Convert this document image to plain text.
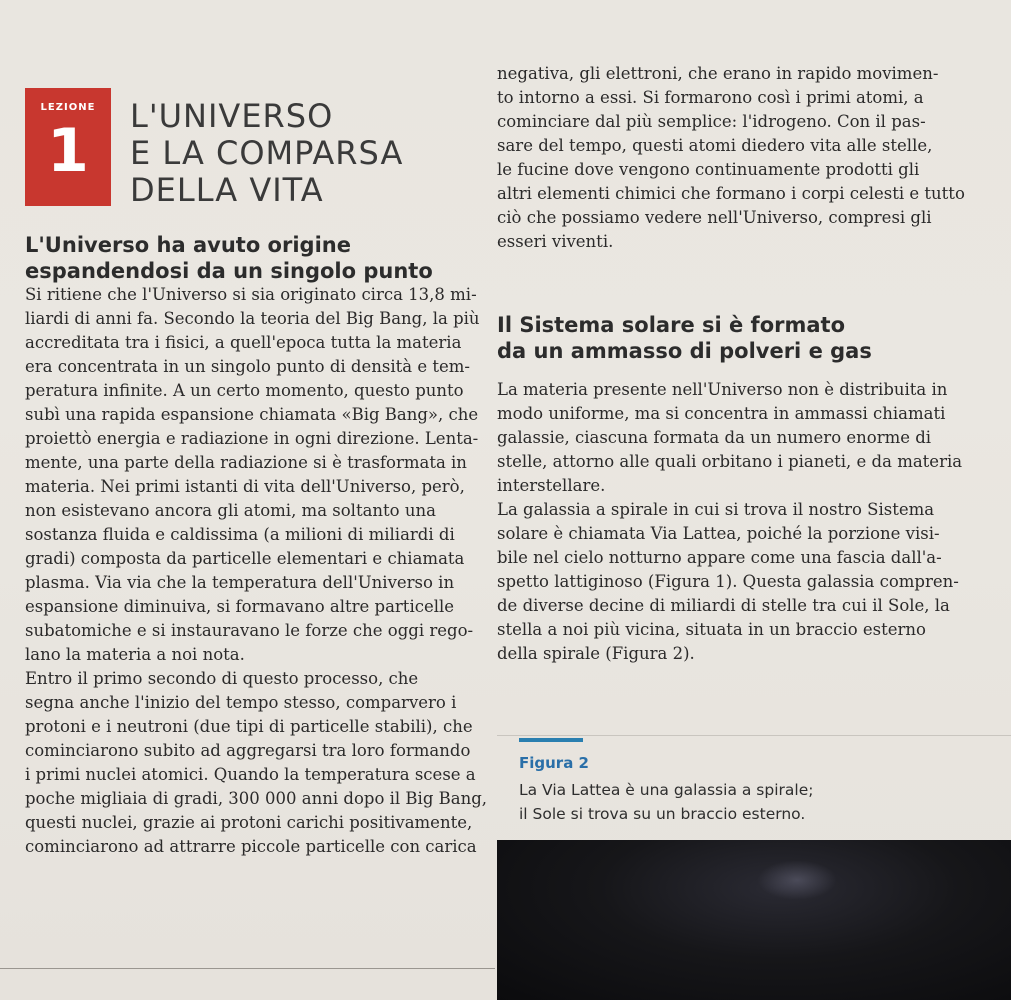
LEZIONE
1	L'UNIVERSO
E LA COMPARSA
DELLA VITA
L'Universo ha avuto origine
espandendosi da un singolo punto
Si ritiene che l'Universo si sia originato circa 13,8 mi-
liardi di anni fa. Secondo la teoria del Big Bang, la più
accreditata tra i fisici, a quell'epoca tutta la materia
era concentrata in un singolo punto di densità e tem-
peratura infinite. A un certo momento, questo punto
subì una rapida espansione chiamata «Big Bang», che
proiettò energia e radiazione in ogni direzione. Lenta-
mente, una parte della radiazione si è trasformata in
materia. Nei primi istanti di vita dell'Universo, però,
non esistevano ancora gli atomi, ma soltanto una
sostanza fluida e caldissima (a milioni di miliardi di
gradi) composta da particelle elementari e chiamata
plasma. Via via che la temperatura dell'Universo in
espansione diminuiva, si formavano altre particelle
subatomiche e si instauravano le forze che oggi rego-
lano la materia a noi nota.
Entro il primo secondo di questo processo, che
segna anche l'inizio del tempo stesso, comparvero i
protoni e i neutroni (due tipi di particelle stabili), che
cominciarono subito ad aggregarsi tra loro formando
i primi nuclei atomici. Quando la temperatura scese a
poche migliaia di gradi, 300 000 anni dopo il Big Bang,
questi nuclei, grazie ai protoni carichi positivamente,
cominciarono ad attrarre piccole particelle con carica
negativa, gli elettroni, che erano in rapido movimen-
to intorno a essi. Si formarono così i primi atomi, a
cominciare dal più semplice: l'idrogeno. Con il pas-
sare del tempo, questi atomi diedero vita alle stelle,
le fucine dove vengono continuamente prodotti gli
altri elementi chimici che formano i corpi celesti e tutto
ciò che possiamo vedere nell'Universo, compresi gli
esseri viventi.
Il Sistema solare si è formato
da un ammasso di polveri e gas
La materia presente nell'Universo non è distribuita in
modo uniforme, ma si concentra in ammassi chiamati
galassie, ciascuna formata da un numero enorme di
stelle, attorno alle quali orbitano i pianeti, e da materia
interstellare.
La galassia a spirale in cui si trova il nostro Sistema
solare è chiamata Via Lattea, poiché la porzione visi-
bile nel cielo notturno appare come una fascia dall'a-
spetto lattiginoso (Figura 1). Questa galassia compren-
de diverse decine di miliardi di stelle tra cui il Sole, la
stella a noi più vicina, situata in un braccio esterno
della spirale (Figura 2).
Figura 2
La Via Lattea è una galassia a spirale;
il Sole si trova su un braccio esterno.
